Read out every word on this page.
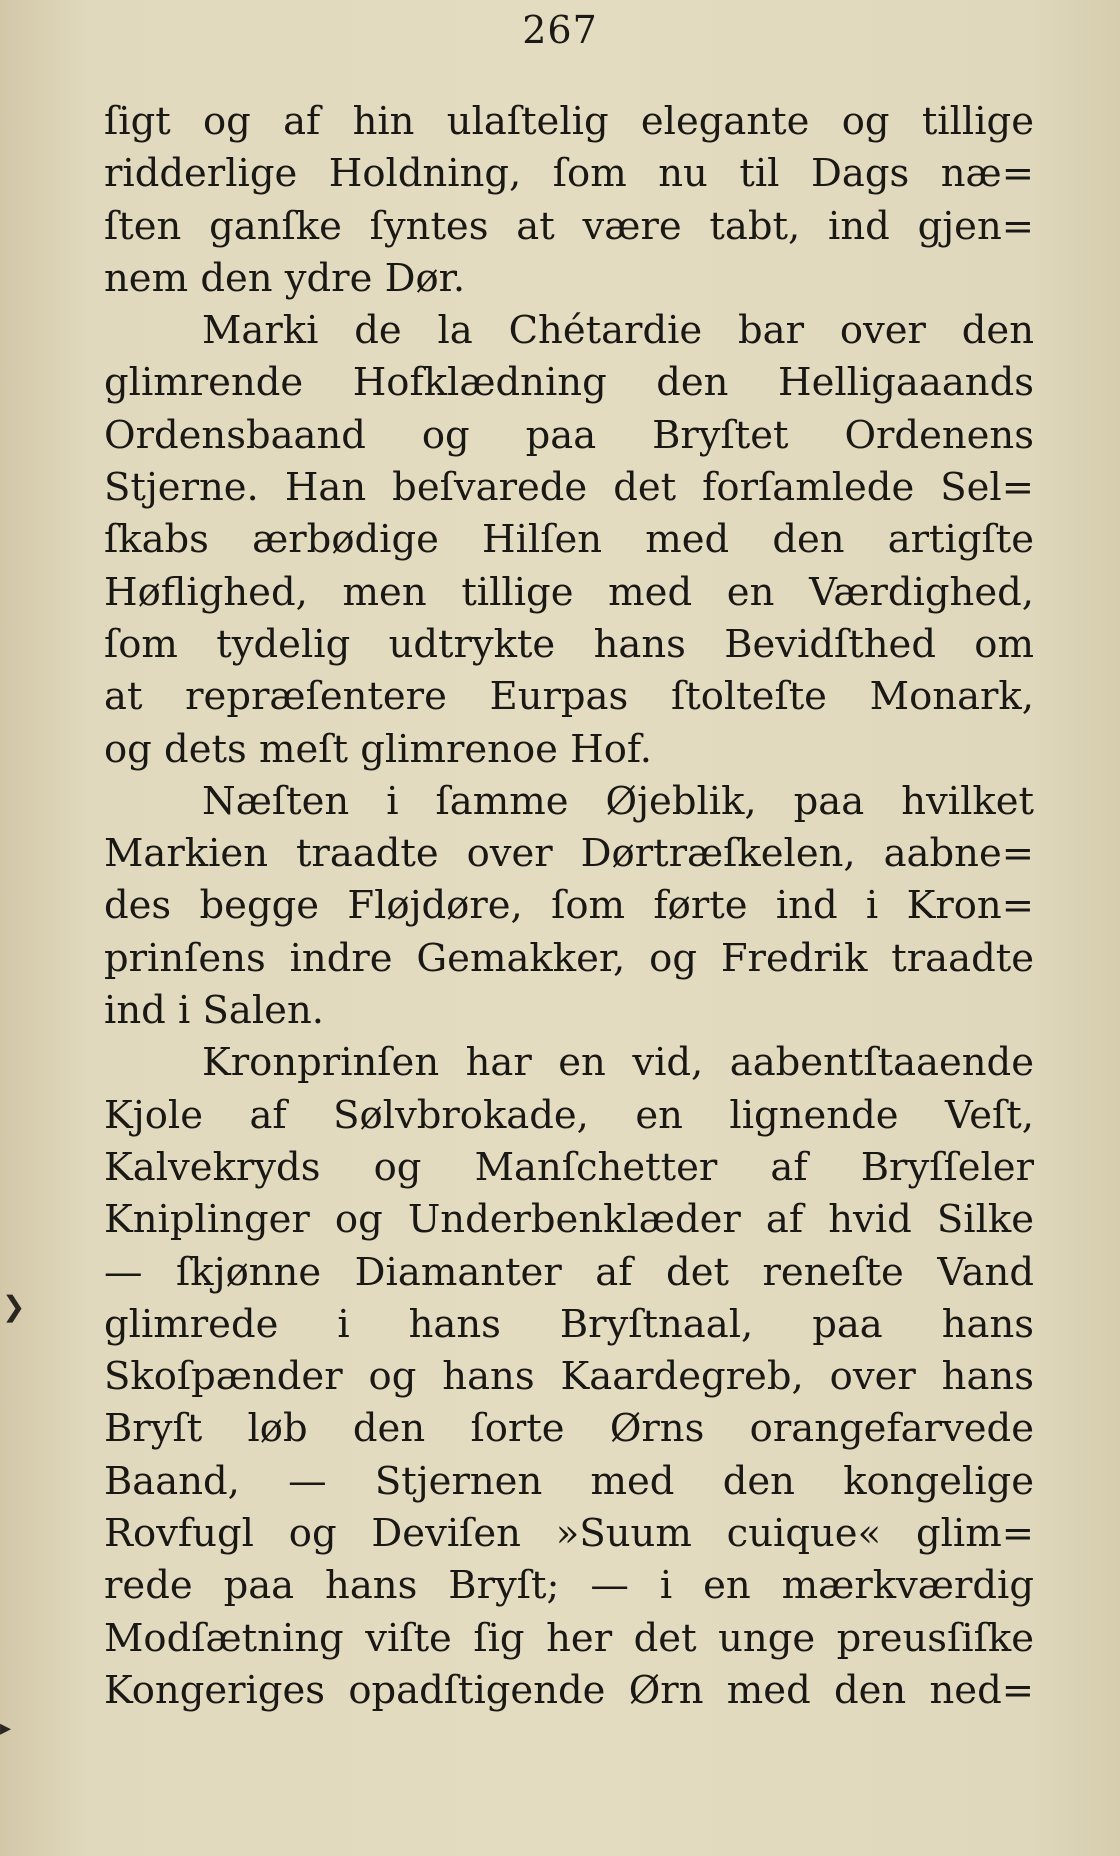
267
ſigt og af hin ulaſtelig elegante og tillige
ridderlige Holdning, ſom nu til Dags næ=
ſten ganſke ſyntes at være tabt, ind gjen=
nem den ydre Dør.
Marki de la Chétardie bar over den
glimrende Hofklædning den Helligaaands
Ordensbaand og paa Bryſtet Ordenens
Stjerne. Han beſvarede det forſamlede Sel=
ſkabs ærbødige Hilſen med den artigſte
Høflighed, men tillige med en Værdighed,
ſom tydelig udtrykte hans Bevidſthed om
at repræſentere Eurpas ſtolteſte Monark,
og dets meſt glimrenoe Hof.
Næſten i ſamme Øjeblik, paa hvilket
Markien traadte over Dørtræſkelen, aabne=
des begge Fløjdøre, ſom førte ind i Kron=
prinſens indre Gemakker, og Fredrik traadte
ind i Salen.
Kronprinſen har en vid, aabentſtaaende
Kjole af Sølvbrokade, en lignende Veſt,
Kalvekryds og Manſchetter af Bryſſeler
Kniplinger og Underbenklæder af hvid Silke
— ſkjønne Diamanter af det reneſte Vand
glimrede i hans Bryſtnaal, paa hans
Skoſpænder og hans Kaardegreb, over hans
Bryſt løb den ſorte Ørns orangefarvede
Baand, — Stjernen med den kongelige
Rovfugl og Deviſen »Suum cuique« glim=
rede paa hans Bryſt; — i en mærkværdig
Modſætning viſte ſig her det unge preusſiſke
Kongeriges opadſtigende Ørn med den ned=
❯
▸
